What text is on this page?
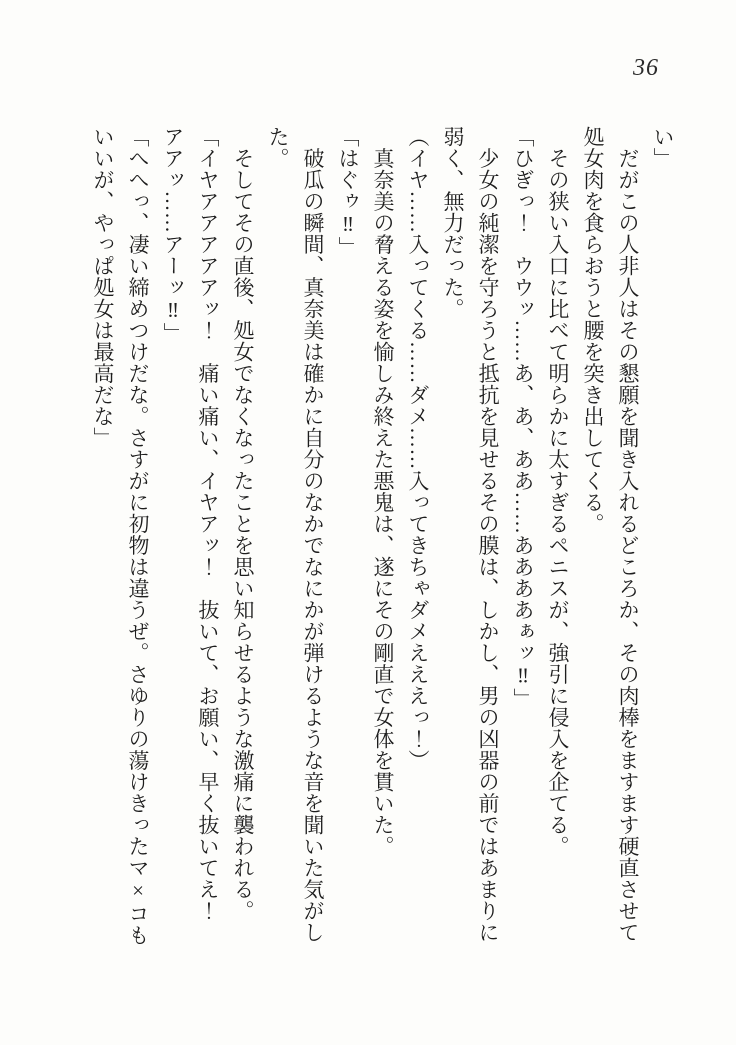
36

い」

　だがこの人非人はその懇願を聞き入れるどころか、その肉棒をますます硬直させて

処女肉を食らおうと腰を突き出してくる。

　その狭い入口に比べて明らかに太すぎるペニスが、強引に侵入を企てる。

「ひぎっ！　ウウッ……あ、あ、ああ……ああああぁッ‼」

　少女の純潔を守ろうと抵抗を見せるその膜は、しかし、男の凶器の前ではあまりに

弱く、無力だった。

（イヤ……入ってくる……ダメ……入ってきちゃダメえええっ！）

　真奈美の脅える姿を愉しみ終えた悪鬼は、遂にその剛直で女体を貫いた。

「はぐゥ‼」

　破瓜の瞬間、真奈美は確かに自分のなかでなにかが弾けるような音を聞いた気がし

た。

　そしてその直後、処女でなくなったことを思い知らせるような激痛に襲われる。

「イヤアアアアアッ！　痛い痛い、イヤアッ！　抜いて、お願い、早く抜いてえ！

アアッ……アーッ‼」

「へへっ、凄い締めつけだな。さすがに初物は違うぜ。さゆりの蕩けきったマ×コも

いいが、やっぱ処女は最高だな」
